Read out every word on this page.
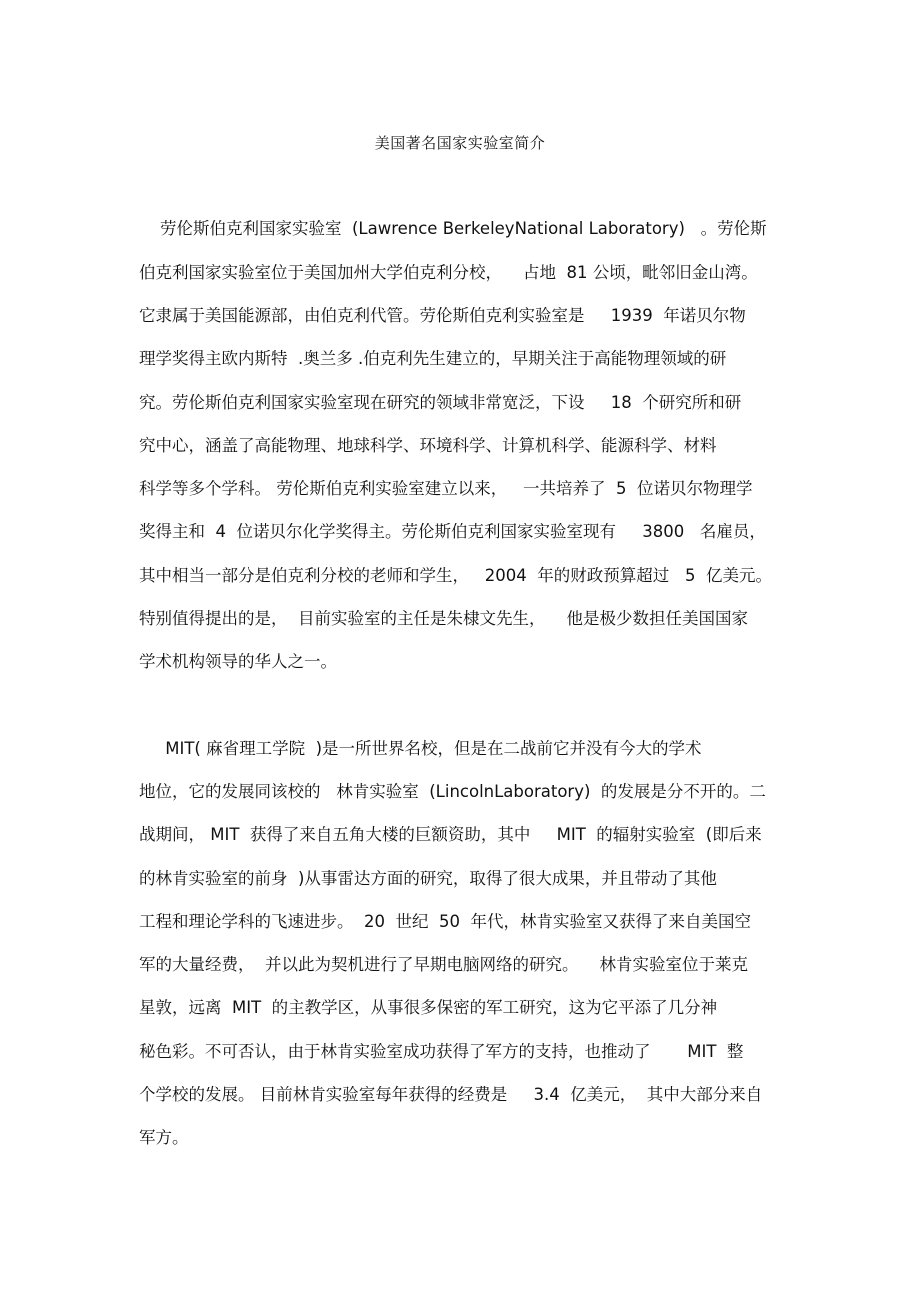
美国著名国家实验室简介
劳伦斯伯克利国家实验室  (Lawrence BerkeleyNational Laboratory)   。劳伦斯
伯克利国家实验室位于美国加州大学伯克利分校，    占地  81 公顷，毗邻旧金山湾。
它隶属于美国能源部，由伯克利代管。劳伦斯伯克利实验室是     1939  年诺贝尔物
理学奖得主欧内斯特  .奥兰多 .伯克利先生建立的，早期关注于高能物理领域的研
究。劳伦斯伯克利国家实验室现在研究的领域非常宽泛，下设     18  个研究所和研
究中心，涵盖了高能物理、地球科学、环境科学、计算机科学、能源科学、材料
科学等多个学科。 劳伦斯伯克利实验室建立以来，   一共培养了  5  位诺贝尔物理学
奖得主和  4  位诺贝尔化学奖得主。劳伦斯伯克利国家实验室现有     3800   名雇员，
其中相当一部分是伯克利分校的老师和学生，   2004  年的财政预算超过   5  亿美元。
特别值得提出的是，  目前实验室的主任是朱棣文先生，    他是极少数担任美国国家
学术机构领导的华人之一。
MIT( 麻省理工学院  )是一所世界名校，但是在二战前它并没有今大的学术
地位，它的发展同该校的   林肯实验室  (LincolnLaboratory)  的发展是分不开的。二
战期间， MIT  获得了来自五角大楼的巨额资助，其中     MIT  的辐射实验室  (即后来
的林肯实验室的前身  )从事雷达方面的研究，取得了很大成果，并且带动了其他
工程和理论学科的飞速进步。  20  世纪  50  年代，林肯实验室又获得了来自美国空
军的大量经费，  并以此为契机进行了早期电脑网络的研究。    林肯实验室位于莱克
星敦，远离  MIT  的主教学区，从事很多保密的军工研究，这为它平添了几分神
秘色彩。不可否认，由于林肯实验室成功获得了军方的支持，也推动了       MIT  整
个学校的发展。 目前林肯实验室每年获得的经费是     3.4  亿美元，  其中大部分来自
军方。
